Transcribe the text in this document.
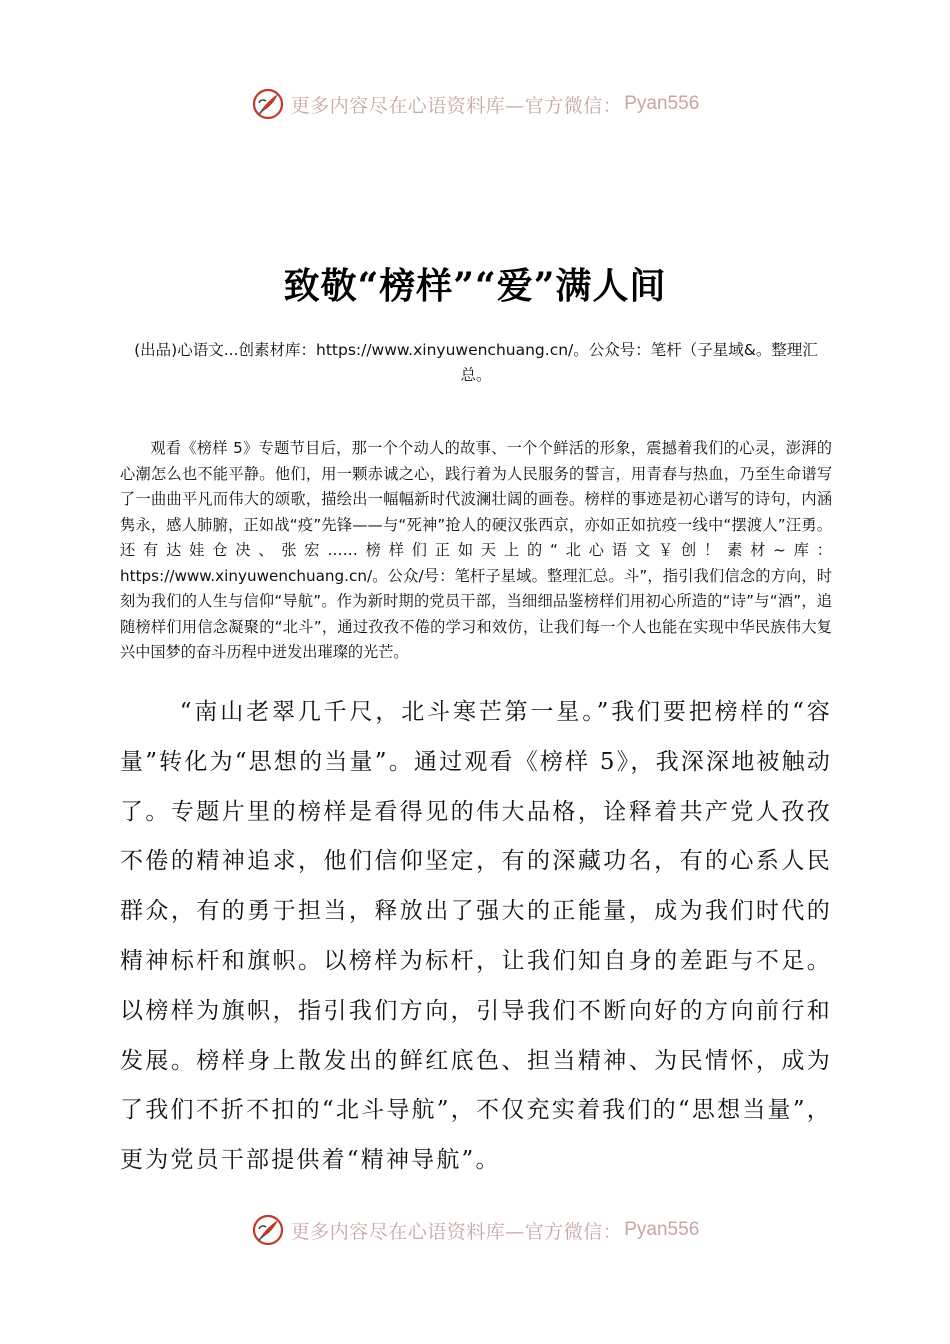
更多内容尽在心语资料库—官方微信： Pyan556
致敬“榜样”“爱”满人间
(出品)心语文...创素材库：https://www.xinyuwenchuang.cn/。公众号：笔杆（子星域&。整理汇总。

观看《榜样 5》专题节目后，那一个个动人的故事、一个个鲜活的形象，震撼着我们的心灵，澎湃的心潮怎么也不能平静。他们，用一颗赤诚之心，践行着为人民服务的誓言，用青春与热血，乃至生命谱写了一曲曲平凡而伟大的颂歌，描绘出一幅幅新时代波澜壮阔的画卷。榜样的事迹是初心谱写的诗句，内涵隽永，感人肺腑，正如战“疫”先锋——与“死神”抢人的硬汉张西京，亦如正如抗疫一线中“摆渡人”汪勇。还有达娃仓决、张宏……榜样们正如天上的“北心语文￥创！素材~库：https://www.xinyuwenchuang.cn/。公众/号：笔杆子星域。整理汇总。斗”，指引我们信念的方向，时刻为我们的人生与信仰“导航”。作为新时期的党员干部，当细细品鉴榜样们用初心所造的“诗”与“酒”，追随榜样们用信念凝聚的“北斗”，通过孜孜不倦的学习和效仿，让我们每一个人也能在实现中华民族伟大复兴中国梦的奋斗历程中迸发出璀璨的光芒。

“南山老翠几千尺，北斗寒芒第一星。”我们要把榜样的“容量”转化为“思想的当量”。通过观看《榜样 5》，我深深地被触动了。专题片里的榜样是看得见的伟大品格，诠释着共产党人孜孜不倦的精神追求，他们信仰坚定，有的深藏功名，有的心系人民群众，有的勇于担当，释放出了强大的正能量，成为我们时代的精神标杆和旗帜。以榜样为标杆，让我们知自身的差距与不足。以榜样为旗帜，指引我们方向，引导我们不断向好的方向前行和发展。榜样身上散发出的鲜红底色、担当精神、为民情怀，成为了我们不折不扣的“北斗导航”，不仅充实着我们的“思想当量”，更为党员干部提供着“精神导航”。

更多内容尽在心语资料库—官方微信： Pyan556
